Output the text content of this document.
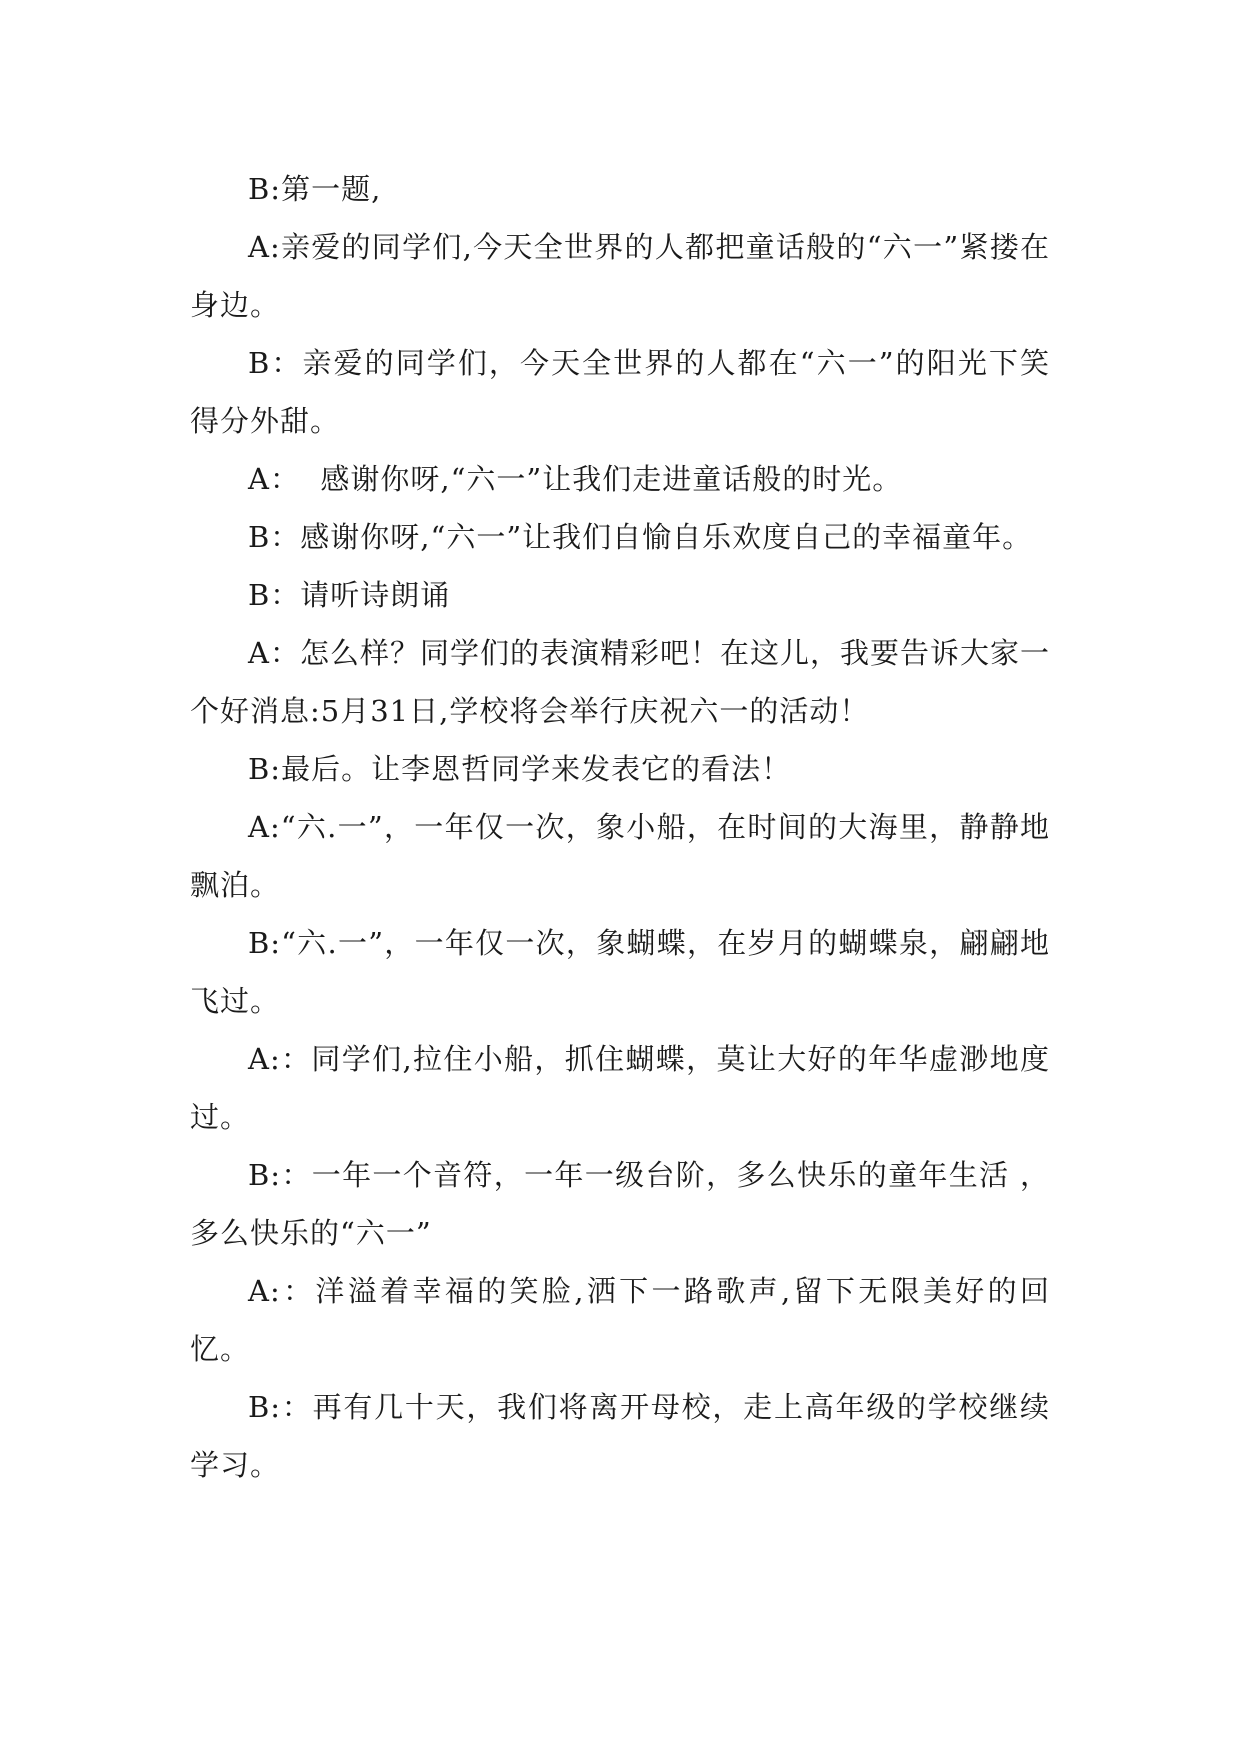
B:第一题,

A:亲爱的同学们,今天全世界的人都把童话般的“六一”紧搂在身边。

B：亲爱的同学们，今天全世界的人都在“六一”的阳光下笑得分外甜。

A：  感谢你呀,“六一”让我们走进童话般的时光。

B：感谢你呀,“六一”让我们自愉自乐欢度自己的幸福童年。

B：请听诗朗诵

A：怎么样？同学们的表演精彩吧！在这儿，我要告诉大家一个好消息:5月31日,学校将会举行庆祝六一的活动！

B:最后。让李恩哲同学来发表它的看法！

A:“六.一”，一年仅一次，象小船，在时间的大海里，静静地飘泊。

B:“六.一”，一年仅一次，象蝴蝶，在岁月的蝴蝶泉，翩翩地飞过。

A:：同学们,拉住小船，抓住蝴蝶，莫让大好的年华虚渺地度过。

B:：一年一个音符，一年一级台阶，多么快乐的童年生活 ，多么快乐的“六一”

A:：洋溢着幸福的笑脸,洒下一路歌声,留下无限美好的回忆。

B:：再有几十天，我们将离开母校，走上高年级的学校继续学习。
